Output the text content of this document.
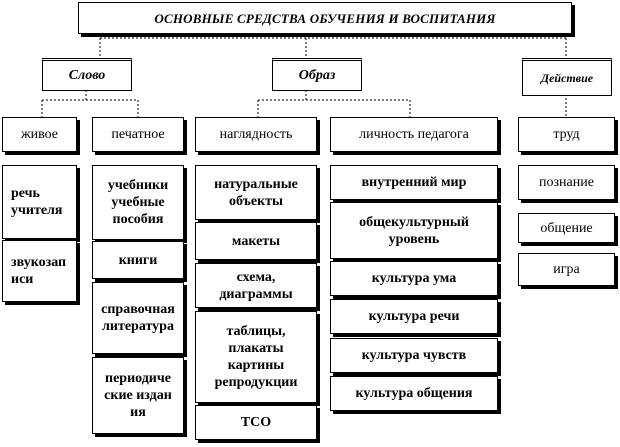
ОСНОВНЫЕ СРЕДСТВА ОБУЧЕНИЯ И ВОСПИТАНИЯ
Слово	Образ	Действие
живое	печатное	наглядность	личность педагога	труд
познание
общение
игра
речь учителя
звукозаписи
учебники учебные пособия
книги
справочная литература
периодические издания
натуральные объекты
макеты
схема, диаграммы
таблицы, плакаты картины репродукции
ТСО
внутренний мир
общекультурный уровень
культура ума
культура речи
культура чувств
культура общения
